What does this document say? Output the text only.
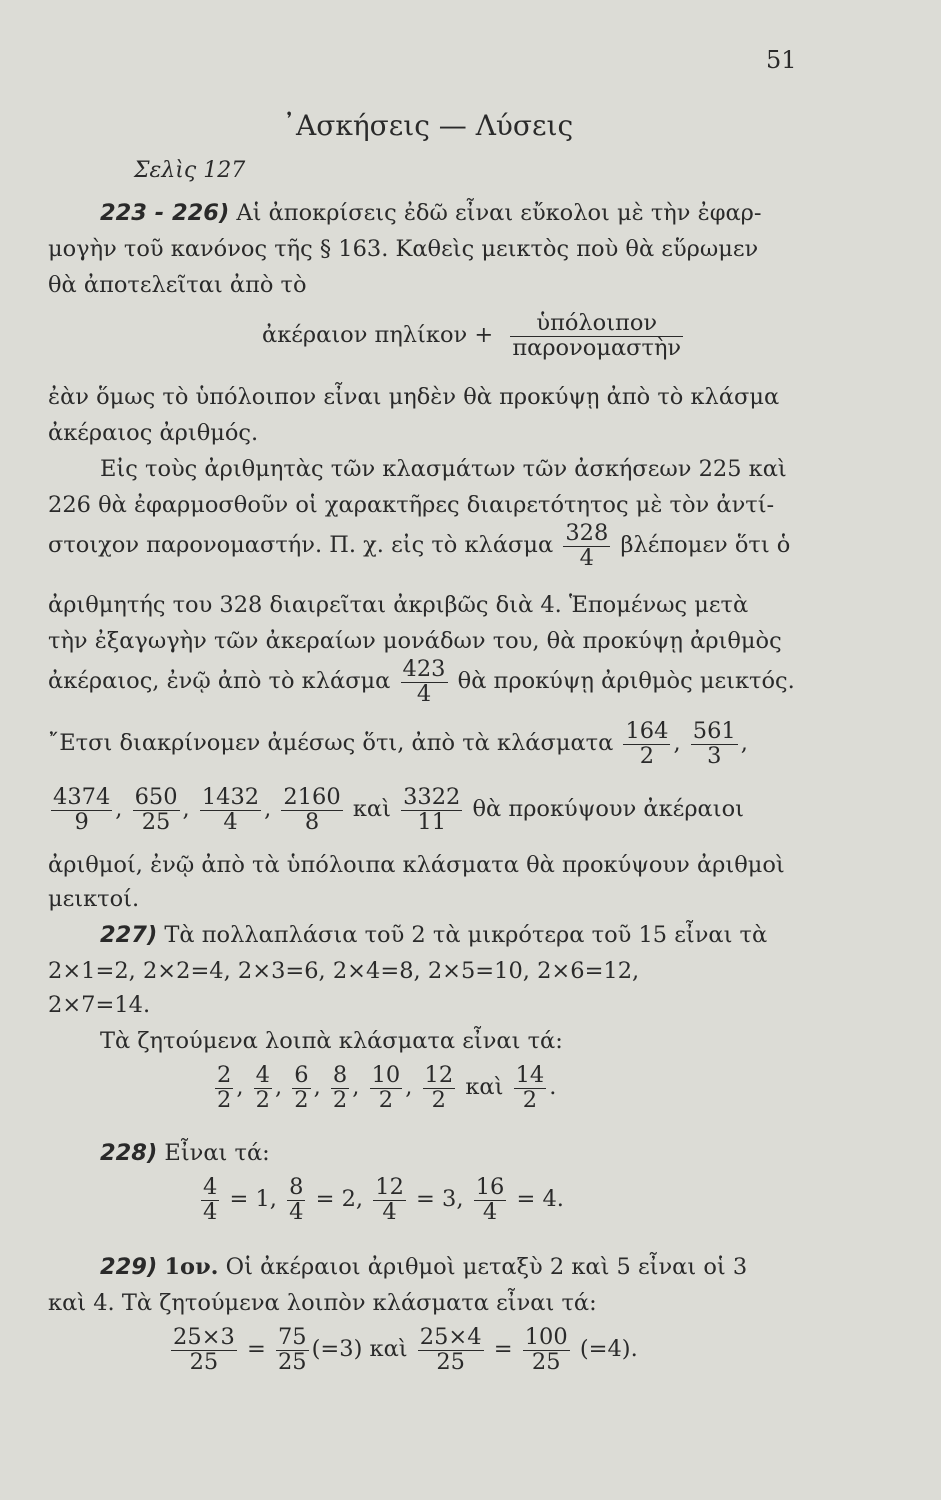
51
᾿Ασκήσεις — Λύσεις
Σελὶς 127
223 - 226) Αἱ ἀποκρίσεις ἐδῶ εἶναι εὔκολοι μὲ τὴν ἐφαρ-
μογὴν τοῦ κανόνος τῆς § 163. Καθεὶς μεικτὸς ποὺ θὰ εὕρωμεν
θὰ ἀποτελεῖται ἀπὸ τὸ
ἀκέραιον $\pi\eta\lambda ί\kappa o\nu + \frac{\text{ὑπόλοιπον}}{\text{παρονομαστὴν}}$
ἐὰν ὅμως τὸ ὑπόλοιπον εἶναι μηδὲν θὰ προκύψῃ ἀπὸ τὸ κλάσμα
ἀκέραιος ἀριθμός.
Εἰς τοὺς ἀριθμητὰς τῶν κλασμάτων τῶν ἀσκήσεων 225 καὶ
226 θὰ ἐφαρμοσθοῦν οἱ χαρακτῆρες διαιρετότητος μὲ τὸν ἀντί-
στοιχον παρονομαστήν. Π. χ. εἰς τὸ κλάσμα $\frac{328}{4}$ βλέπομεν ὅτι ὁ
ἀριθμητής του 328 διαιρεῖται ἀκριβῶς διὰ 4. Ἑπομένως μετὰ
τὴν ἐξαγωγὴν τῶν ἀκεραίων μονάδων του, θὰ προκύψῃ ἀριθμὸς
ἀκέραιος, ἐνῷ ἀπὸ τὸ κλάσμα $\frac{423}{4}$ θὰ προκύψῃ ἀριθμὸς μεικτός.
῎Ετσι διακρίνομεν ἀμέσως ὅτι, ἀπὸ τὰ κλάσματα $\frac{164}{2}$ , $\frac{561}{3}$ ,
$\frac{4374}{9}$ , $\frac{650}{25}$ , $\frac{1432}{4}$ , $\frac{2160}{8}$ καὶ $\frac{3322}{11}$ θὰ προκύψουν ἀκέραιοι
ἀριθμοί, ἐνῷ ἀπὸ τὰ ὑπόλοιπα κλάσματα θὰ προκύψουν ἀριθμοὶ
μεικτοί.
227) Τὰ πολλαπλάσια τοῦ 2 τὰ μικρότερα τοῦ 15 εἶναι τὰ
2×1=2, 2×2=4, 2×3=6, 2×4=8, 2×5=10, 2×6=12,
2×7=14.
Τὰ ζητούμενα λοιπὰ κλάσματα εἶναι τά:
$\frac{2}{2}$ , $\frac{4}{2}$ , $\frac{6}{2}$ , $\frac{8}{2}$ , $\frac{10}{2}$ , $\frac{12}{2}$ καὶ $\frac{14}{2}$ .
228) Εἶναι τά:
$\frac{4}{4} = 1$, $\frac{8}{4} = 2$, $\frac{12}{4} = 3$, $\frac{16}{4} = 4$.
229) 1ον. Οἱ ἀκέραιοι ἀριθμοὶ μεταξὺ 2 καὶ 5 εἶναι οἱ 3
καὶ 4. Τὰ ζητούμενα λοιπὸν κλάσματα εἶναι τά:
$\frac{25\times 3}{25} = \frac{75}{25} (=3)$ καὶ $\frac{25\times 4}{25} = \frac{100}{25} (=4)$.
